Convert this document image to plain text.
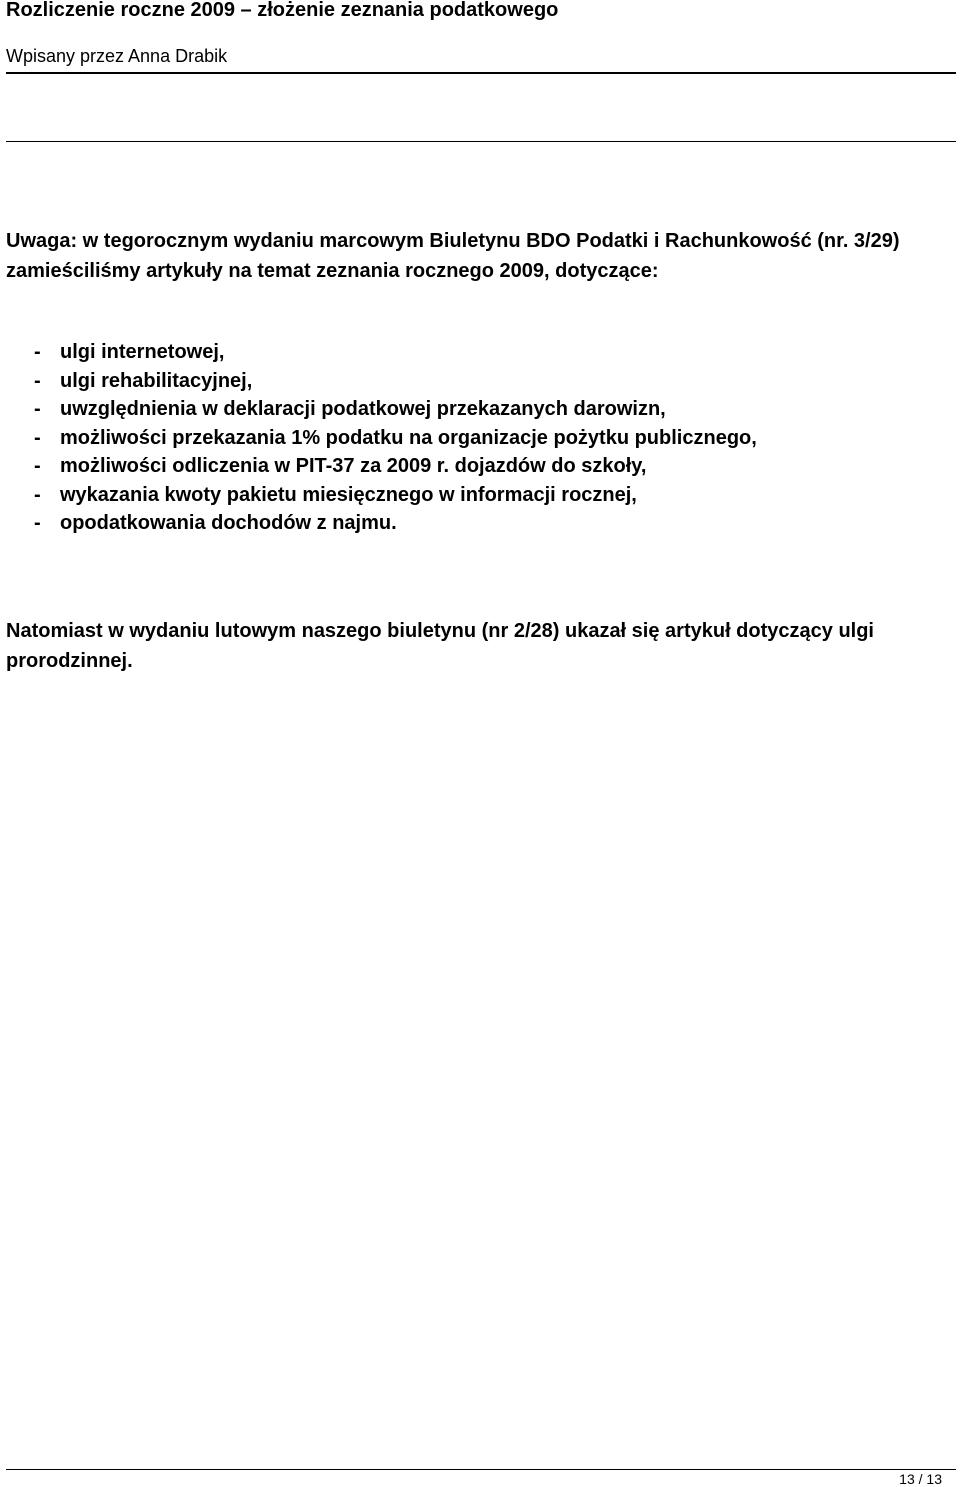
Rozliczenie roczne 2009 – złożenie zeznania podatkowego
Wpisany przez Anna Drabik

Uwaga: w tegorocznym wydaniu marcowym Biuletynu BDO Podatki i Rachunkowość (nr. 3/29) zamieściliśmy artykuły na temat zeznania rocznego 2009, dotyczące:

- ulgi internetowej,
- ulgi rehabilitacyjnej,
- uwzględnienia w deklaracji podatkowej przekazanych darowizn,
- możliwości przekazania 1% podatku na organizacje pożytku publicznego,
- możliwości odliczenia w PIT-37 za 2009 r. dojazdów do szkoły,
- wykazania kwoty pakietu miesięcznego w informacji rocznej,
- opodatkowania dochodów z najmu.

Natomiast w wydaniu lutowym naszego biuletynu (nr 2/28) ukazał się artykuł dotyczący ulgi prorodzinnej.

13 / 13
